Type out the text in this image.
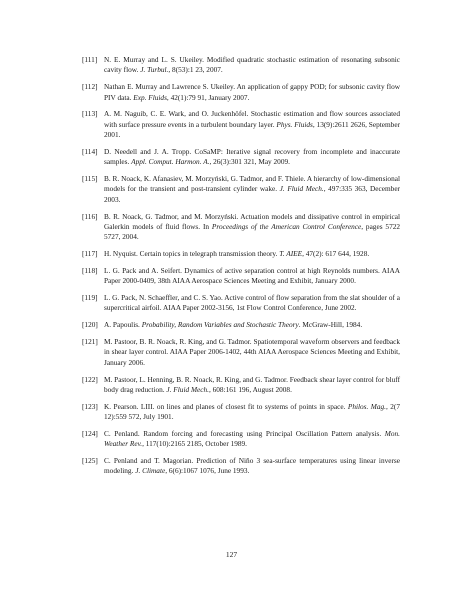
[111] N. E. Murray and L. S. Ukeiley. Modified quadratic stochastic estimation of resonating subsonic cavity flow. J. Turbul., 8(53):1 23, 2007.
[112] Nathan E. Murray and Lawrence S. Ukeiley. An application of gappy POD; for subsonic cavity flow PIV data. Exp. Fluids, 42(1):79 91, January 2007.
[113] A. M. Naguib, C. E. Wark, and O. Juckenhöfel. Stochastic estimation and flow sources associated with surface pressure events in a turbulent boundary layer. Phys. Fluids, 13(9):2611 2626, September 2001.
[114] D. Needell and J. A. Tropp. CoSaMP: Iterative signal recovery from incomplete and inaccurate samples. Appl. Comput. Harmon. A., 26(3):301 321, May 2009.
[115] B. R. Noack, K. Afanasiev, M. Morzyński, G. Tadmor, and F. Thiele. A hierarchy of low-dimensional models for the transient and post-transient cylinder wake. J. Fluid Mech., 497:335 363, December 2003.
[116] B. R. Noack, G. Tadmor, and M. Morzyński. Actuation models and dissipative control in empirical Galerkin models of fluid flows. In Proceedings of the American Control Conference, pages 5722 5727, 2004.
[117] H. Nyquist. Certain topics in telegraph transmission theory. T. AIEE, 47(2): 617 644, 1928.
[118] L. G. Pack and A. Seifert. Dynamics of active separation control at high Reynolds numbers. AIAA Paper 2000-0409, 38th AIAA Aerospace Sciences Meeting and Exhibit, January 2000.
[119] L. G. Pack, N. Schaeffler, and C. S. Yao. Active control of flow separation from the slat shoulder of a supercritical airfoil. AIAA Paper 2002-3156, 1st Flow Control Conference, June 2002.
[120] A. Papoulis. Probability, Random Variables and Stochastic Theory. McGraw-Hill, 1984.
[121] M. Pastoor, B. R. Noack, R. King, and G. Tadmor. Spatiotemporal waveform observers and feedback in shear layer control. AIAA Paper 2006-1402, 44th AIAA Aerospace Sciences Meeting and Exhibit, January 2006.
[122] M. Pastoor, L. Henning, B. R. Noack, R. King, and G. Tadmor. Feedback shear layer control for bluff body drag reduction. J. Fluid Mech., 608:161 196, August 2008.
[123] K. Pearson. LIII. on lines and planes of closest fit to systems of points in space. Philos. Mag., 2(7 12):559 572, July 1901.
[124] C. Penland. Random forcing and forecasting using Principal Oscillation Pattern analysis. Mon. Weather Rev., 117(10):2165 2185, October 1989.
[125] C. Penland and T. Magorian. Prediction of Niño 3 sea-surface temperatures using linear inverse modeling. J. Climate, 6(6):1067 1076, June 1993.
127
